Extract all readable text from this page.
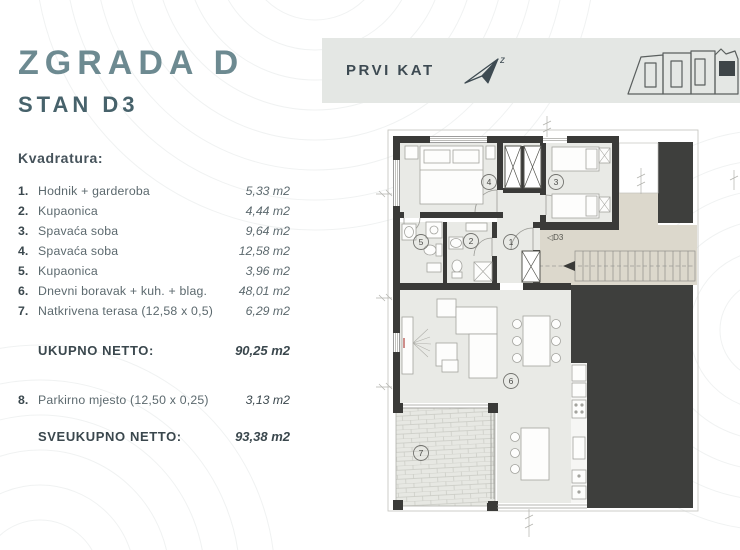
ZGRADA D
STAN D3
PRVI KAT
z
Kvadratura:
1. Hodnik + garderoba	5,33 m2
2. Kupaonica	4,44 m2
3. Spavaća soba	9,64 m2
4. Spavaća soba	12,58 m2
5. Kupaonica	3,96 m2
6. Dnevni boravak + kuh. + blag.	48,01 m2
7. Natkrivena terasa (12,58 x 0,5)	6,29 m2
UKUPNO NETTO:	90,25 m2
8. Parkirno mjesto (12,50 x 0,25)	3,13 m2
SVEUKUPNO NETTO:	93,38 m2
1
2
3
4
5
6
7
◁D3
